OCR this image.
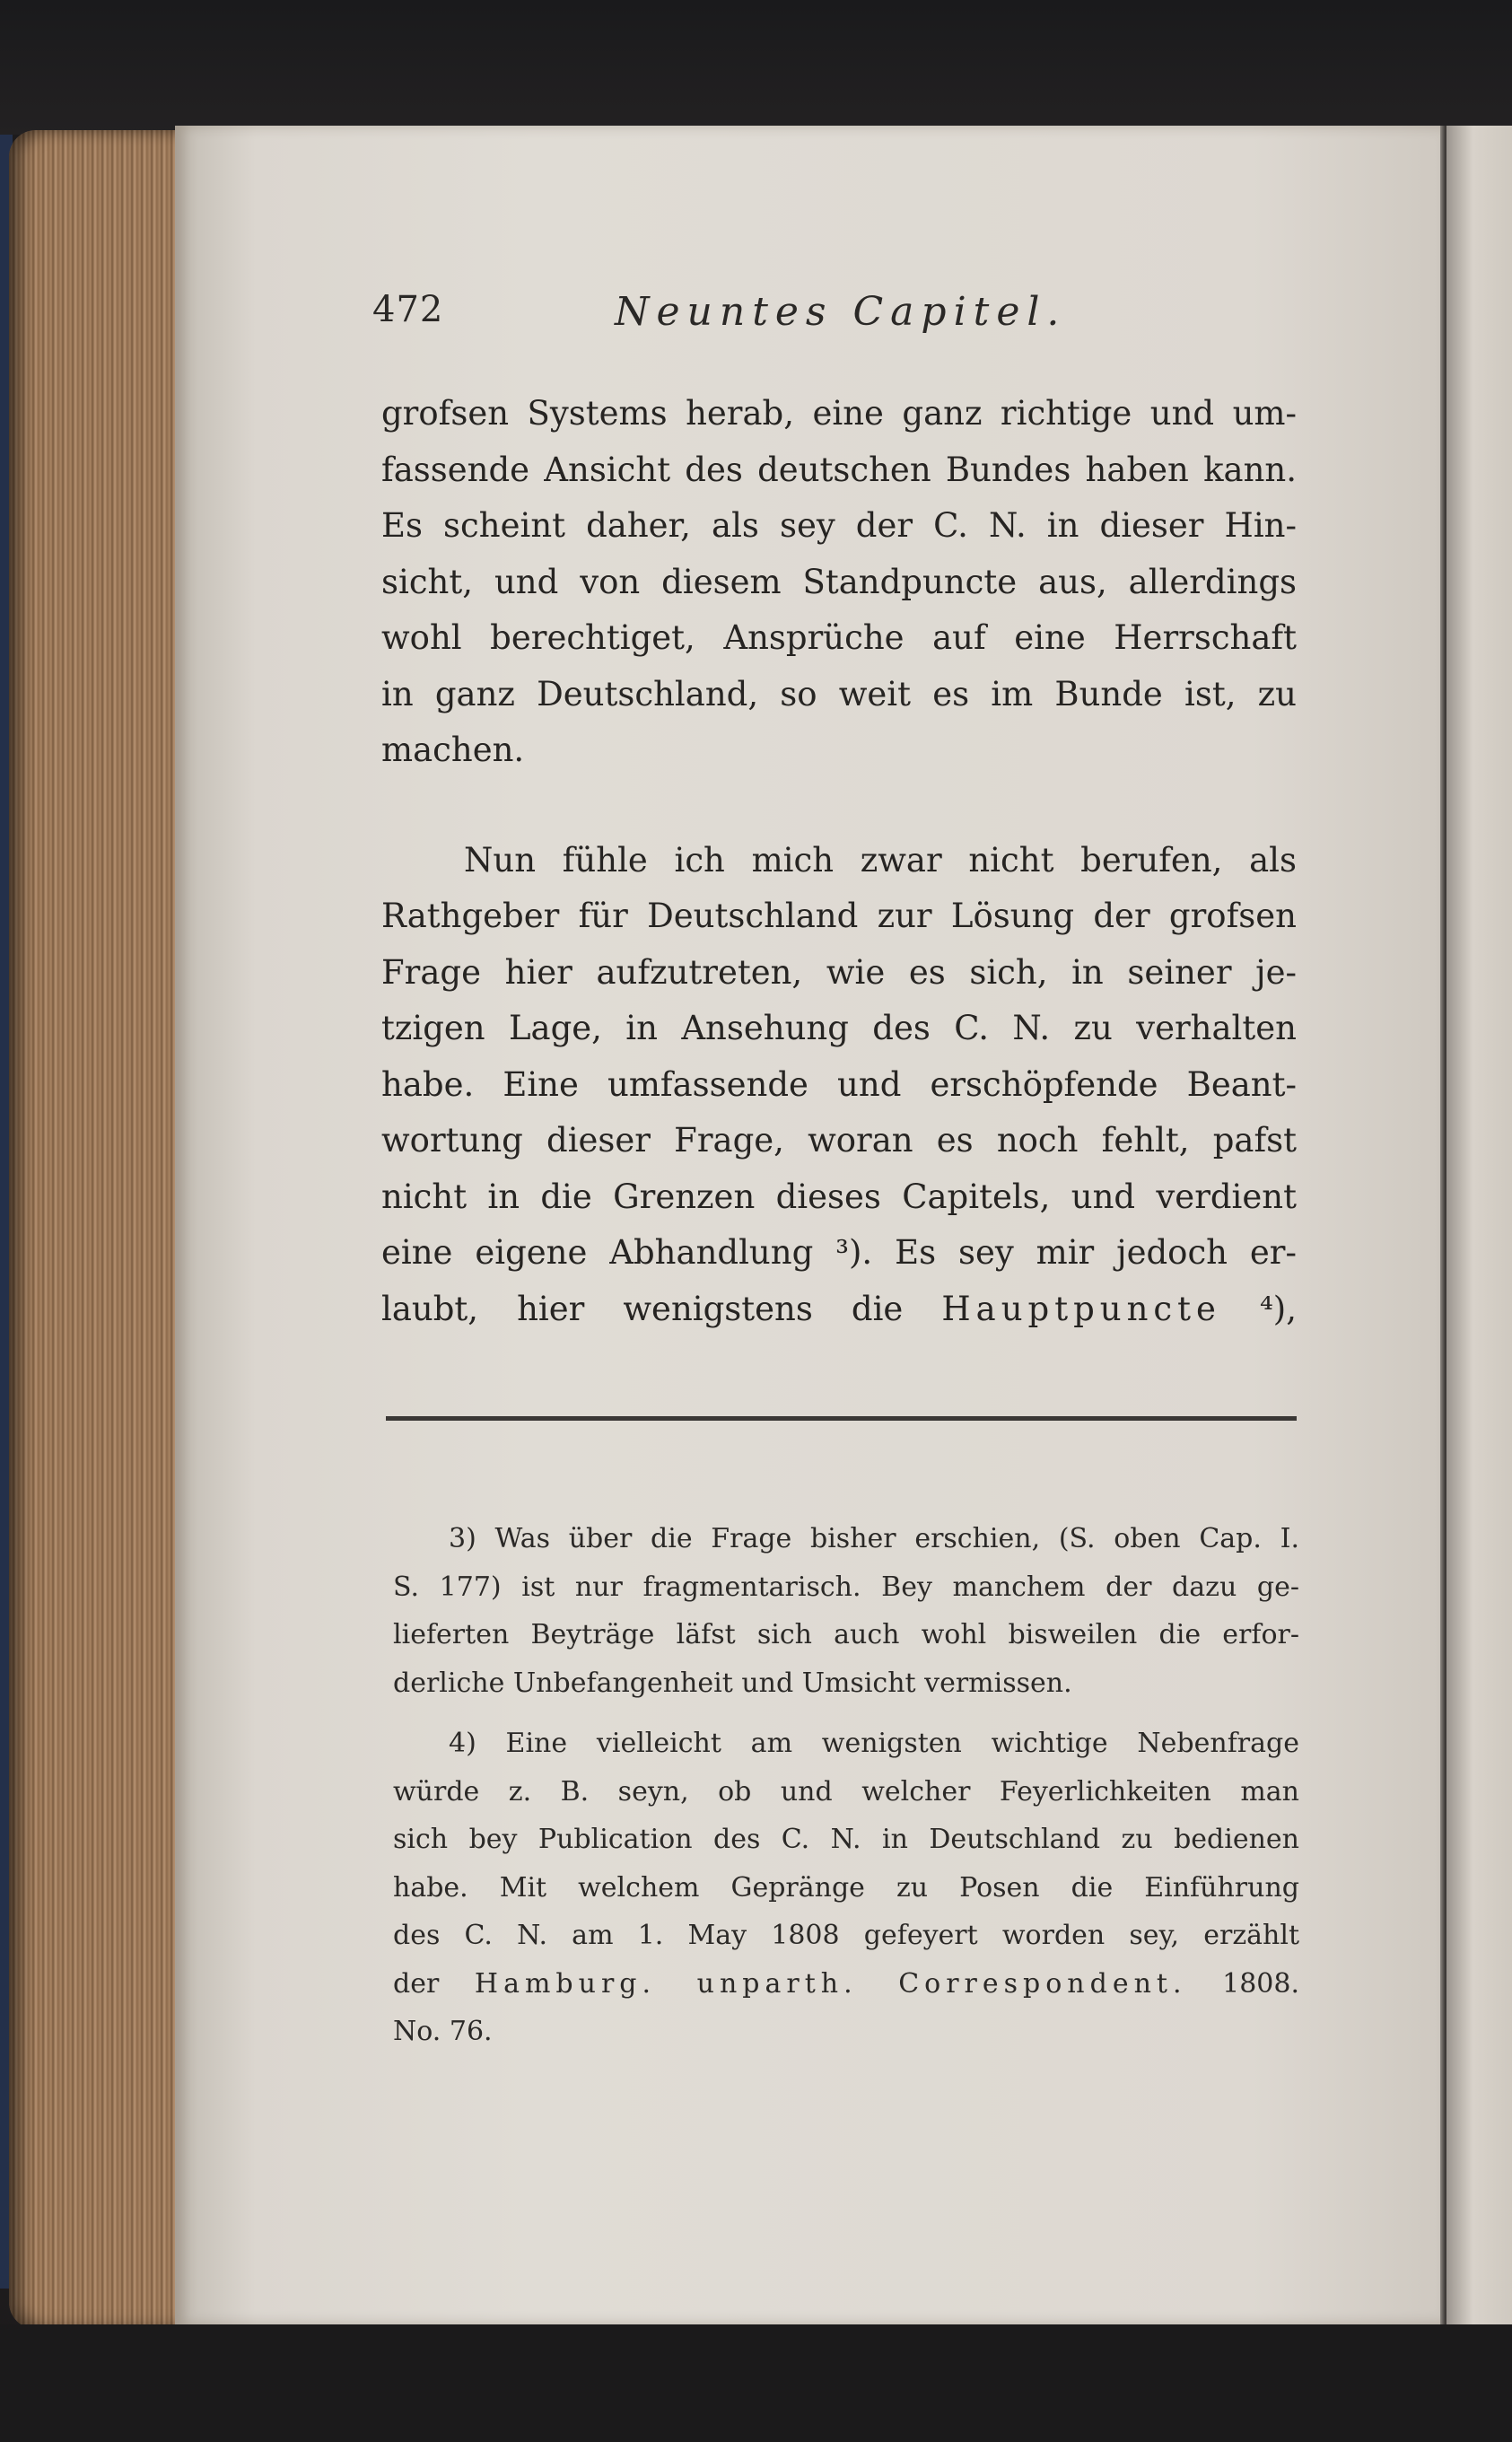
472	Neuntes Capitel.
grofsen Systems herab, eine ganz richtige und um-
fassende Ansicht des deutschen Bundes haben kann.
Es scheint daher, als sey der C. N. in dieser Hin-
sicht, und von diesem Standpuncte aus, allerdings
wohl berechtiget, Ansprüche auf eine Herrschaft
in ganz Deutschland, so weit es im Bunde ist, zu
machen.
Nun fühle ich mich zwar nicht berufen, als
Rathgeber für Deutschland zur Lösung der grofsen
Frage hier aufzutreten, wie es sich, in seiner je-
tzigen Lage, in Ansehung des C. N. zu verhalten
habe. Eine umfassende und erschöpfende Beant-
wortung dieser Frage, woran es noch fehlt, pafst
nicht in die Grenzen dieses Capitels, und verdient
eine eigene Abhandlung ³). Es sey mir jedoch er-
laubt, hier wenigstens die Hauptpuncte ⁴),
3) Was über die Frage bisher erschien, (S. oben Cap. I.
S. 177) ist nur fragmentarisch. Bey manchem der dazu ge-
lieferten Beyträge läfst sich auch wohl bisweilen die erfor-
derliche Unbefangenheit und Umsicht vermissen.
4) Eine vielleicht am wenigsten wichtige Nebenfrage
würde z. B. seyn, ob und welcher Feyerlichkeiten man
sich bey Publication des C. N. in Deutschland zu bedienen
habe. Mit welchem Gepränge zu Posen die Einführung
des C. N. am 1. May 1808 gefeyert worden sey, erzählt
der Hamburg. unparth. Correspondent. 1808.
No. 76.
